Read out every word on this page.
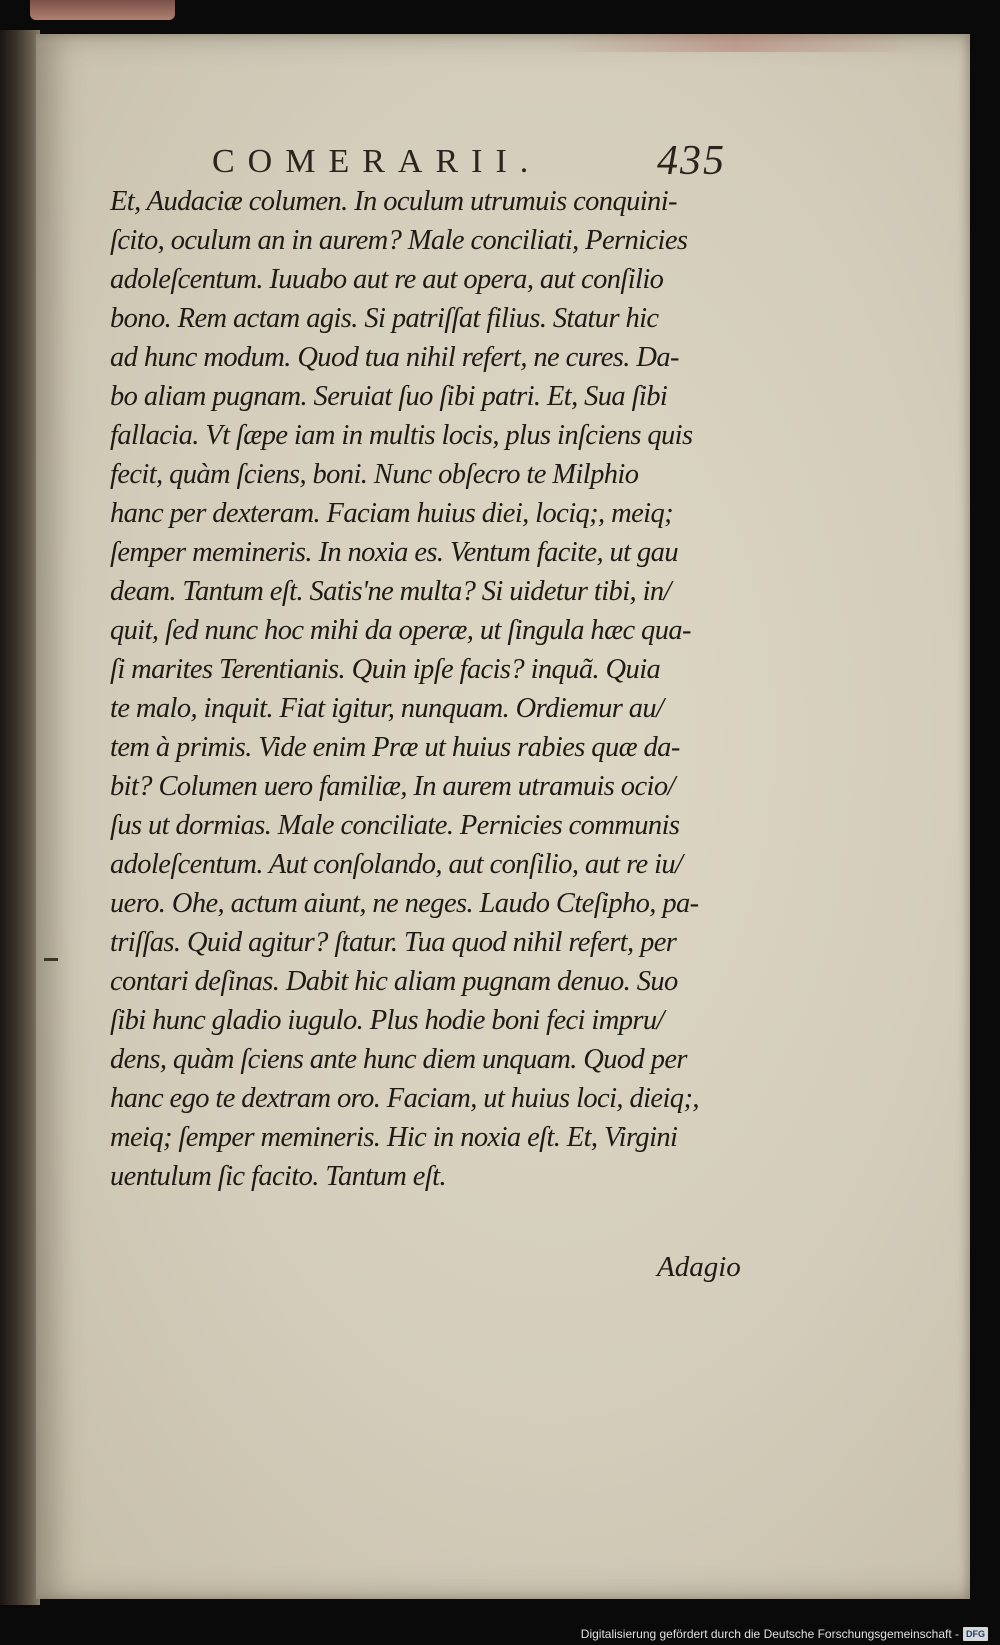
COMERARII.	435
Et, Audaciæ columen. In oculum utrumuis conquini-
ſcito, oculum an in aurem? Male conciliati, Pernicies
adoleſcentum. Iuuabo aut re aut opera, aut conſilio
bono. Rem actam agis. Si patriſſat filius. Statur hic
ad hunc modum. Quod tua nihil refert, ne cures. Da-
bo aliam pugnam. Seruiat ſuo ſibi patri. Et, Sua ſibi
fallacia. Vt ſæpe iam in multis locis, plus inſciens quis
fecit, quàm ſciens, boni. Nunc obſecro te Milphio
hanc per dexteram. Faciam huius diei, lociq;, meiq;
ſemper memineris. In noxia es. Ventum facite, ut gau
deam. Tantum eſt. Satis'ne multa? Si uidetur tibi, in/
quit, ſed nunc hoc mihi da operæ, ut ſingula hæc qua-
ſi marites Terentianis. Quin ipſe facis? inquã. Quia
te malo, inquit. Fiat igitur, nunquam. Ordiemur au/
tem à primis. Vide enim Præ ut huius rabies quæ da-
bit? Columen uero familiæ, In aurem utramuis ocio/
ſus ut dormias. Male conciliate. Pernicies communis
adoleſcentum. Aut conſolando, aut conſilio, aut re iu/
uero. Ohe, actum aiunt, ne neges. Laudo Cteſipho, pa-
triſſas. Quid agitur? ſtatur. Tua quod nihil refert, per
contari deſinas. Dabit hic aliam pugnam denuo. Suo
ſibi hunc gladio iugulo. Plus hodie boni feci impru/
dens, quàm ſciens ante hunc diem unquam. Quod per
hanc ego te dextram oro. Faciam, ut huius loci, dieiq;,
meiq; ſemper memineris. Hic in noxia eſt. Et, Virgini
uentulum ſic facito. Tantum eſt.
Adagio
Digitalisierung gefördert durch die Deutsche Forschungsgemeinschaft - DFG
